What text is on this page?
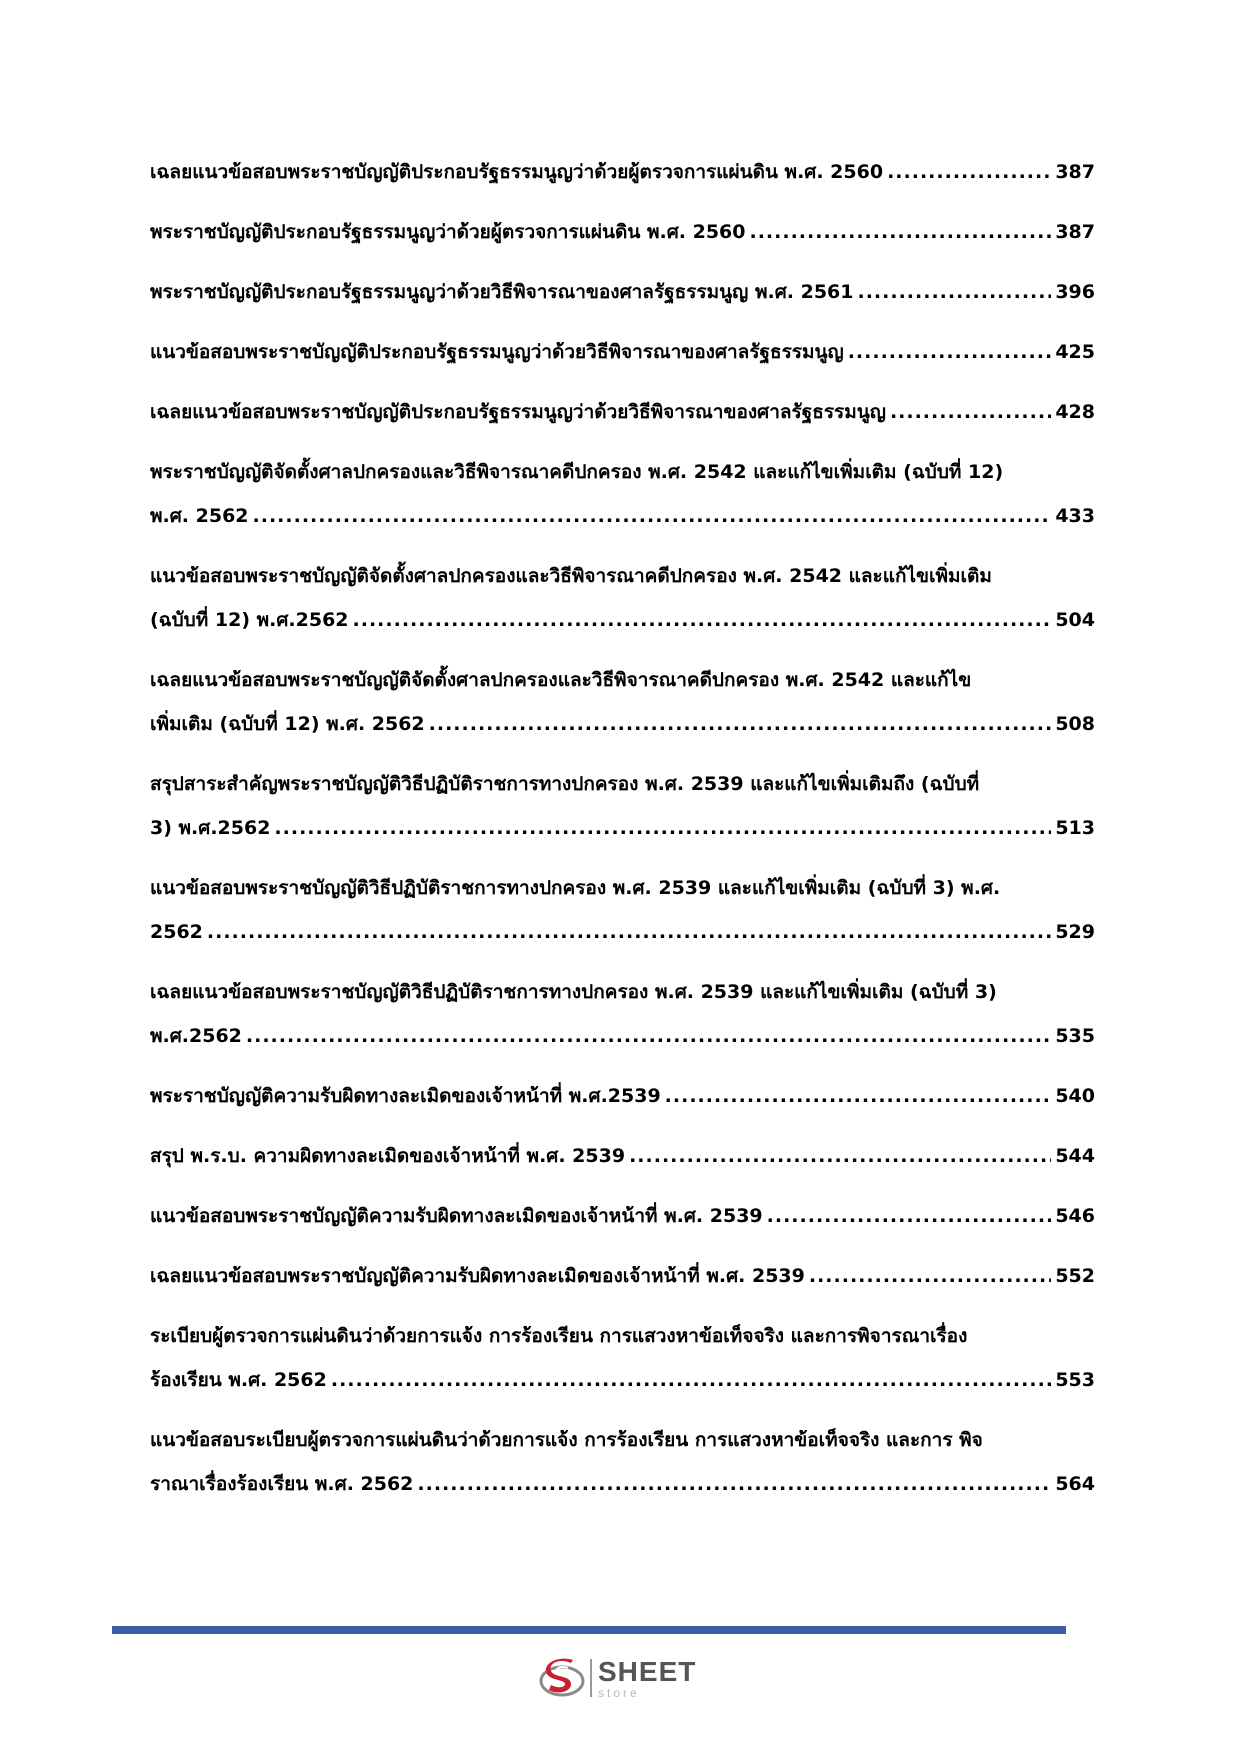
เฉลยแนวข้อสอบพระราชบัญญัติประกอบรัฐธรรมนูญว่าด้วยผู้ตรวจการแผ่นดิน พ.ศ. 2560 .....	387
พระราชบัญญัติประกอบรัฐธรรมนูญว่าด้วยผู้ตรวจการแผ่นดิน พ.ศ. 2560 .....	387
พระราชบัญญัติประกอบรัฐธรรมนูญว่าด้วยวิธีพิจารณาของศาลรัฐธรรมนูญ พ.ศ. 2561 .....	396
แนวข้อสอบพระราชบัญญัติประกอบรัฐธรรมนูญว่าด้วยวิธีพิจารณาของศาลรัฐธรรมนูญ .....	425
เฉลยแนวข้อสอบพระราชบัญญัติประกอบรัฐธรรมนูญว่าด้วยวิธีพิจารณาของศาลรัฐธรรมนูญ .....	428
พระราชบัญญัติจัดตั้งศาลปกครองและวิธีพิจารณาคดีปกครอง พ.ศ. 2542 และแก้ไขเพิ่มเติม (ฉบับที่ 12)
พ.ศ. 2562 .....	433
แนวข้อสอบพระราชบัญญัติจัดตั้งศาลปกครองและวิธีพิจารณาคดีปกครอง พ.ศ. 2542 และแก้ไขเพิ่มเติม
(ฉบับที่ 12) พ.ศ.2562 .....	504
เฉลยแนวข้อสอบพระราชบัญญัติจัดตั้งศาลปกครองและวิธีพิจารณาคดีปกครอง พ.ศ. 2542 และแก้ไข
เพิ่มเติม (ฉบับที่ 12) พ.ศ. 2562 .....	508
สรุปสาระสำคัญพระราชบัญญัติวิธีปฏิบัติราชการทางปกครอง พ.ศ. 2539 และแก้ไขเพิ่มเติมถึง (ฉบับที่
3) พ.ศ.2562 .....	513
แนวข้อสอบพระราชบัญญัติวิธีปฏิบัติราชการทางปกครอง พ.ศ. 2539 และแก้ไขเพิ่มเติม (ฉบับที่ 3) พ.ศ.
2562 .....	529
เฉลยแนวข้อสอบพระราชบัญญัติวิธีปฏิบัติราชการทางปกครอง พ.ศ. 2539 และแก้ไขเพิ่มเติม (ฉบับที่ 3)
พ.ศ.2562 .....	535
พระราชบัญญัติความรับผิดทางละเมิดของเจ้าหน้าที่ พ.ศ.2539 .....	540
สรุป พ.ร.บ. ความผิดทางละเมิดของเจ้าหน้าที่ พ.ศ. 2539 .....	544
แนวข้อสอบพระราชบัญญัติความรับผิดทางละเมิดของเจ้าหน้าที่ พ.ศ. 2539 .....	546
เฉลยแนวข้อสอบพระราชบัญญัติความรับผิดทางละเมิดของเจ้าหน้าที่ พ.ศ. 2539 .....	552
ระเบียบผู้ตรวจการแผ่นดินว่าด้วยการแจ้ง การร้องเรียน การแสวงหาข้อเท็จจริง และการพิจารณาเรื่อง
ร้องเรียน พ.ศ. 2562 .....	553
แนวข้อสอบระเบียบผู้ตรวจการแผ่นดินว่าด้วยการแจ้ง การร้องเรียน การแสวงหาข้อเท็จจริง และการ พิจ
ราณาเรื่องร้องเรียน พ.ศ. 2562 .....	564
SHEET
store
